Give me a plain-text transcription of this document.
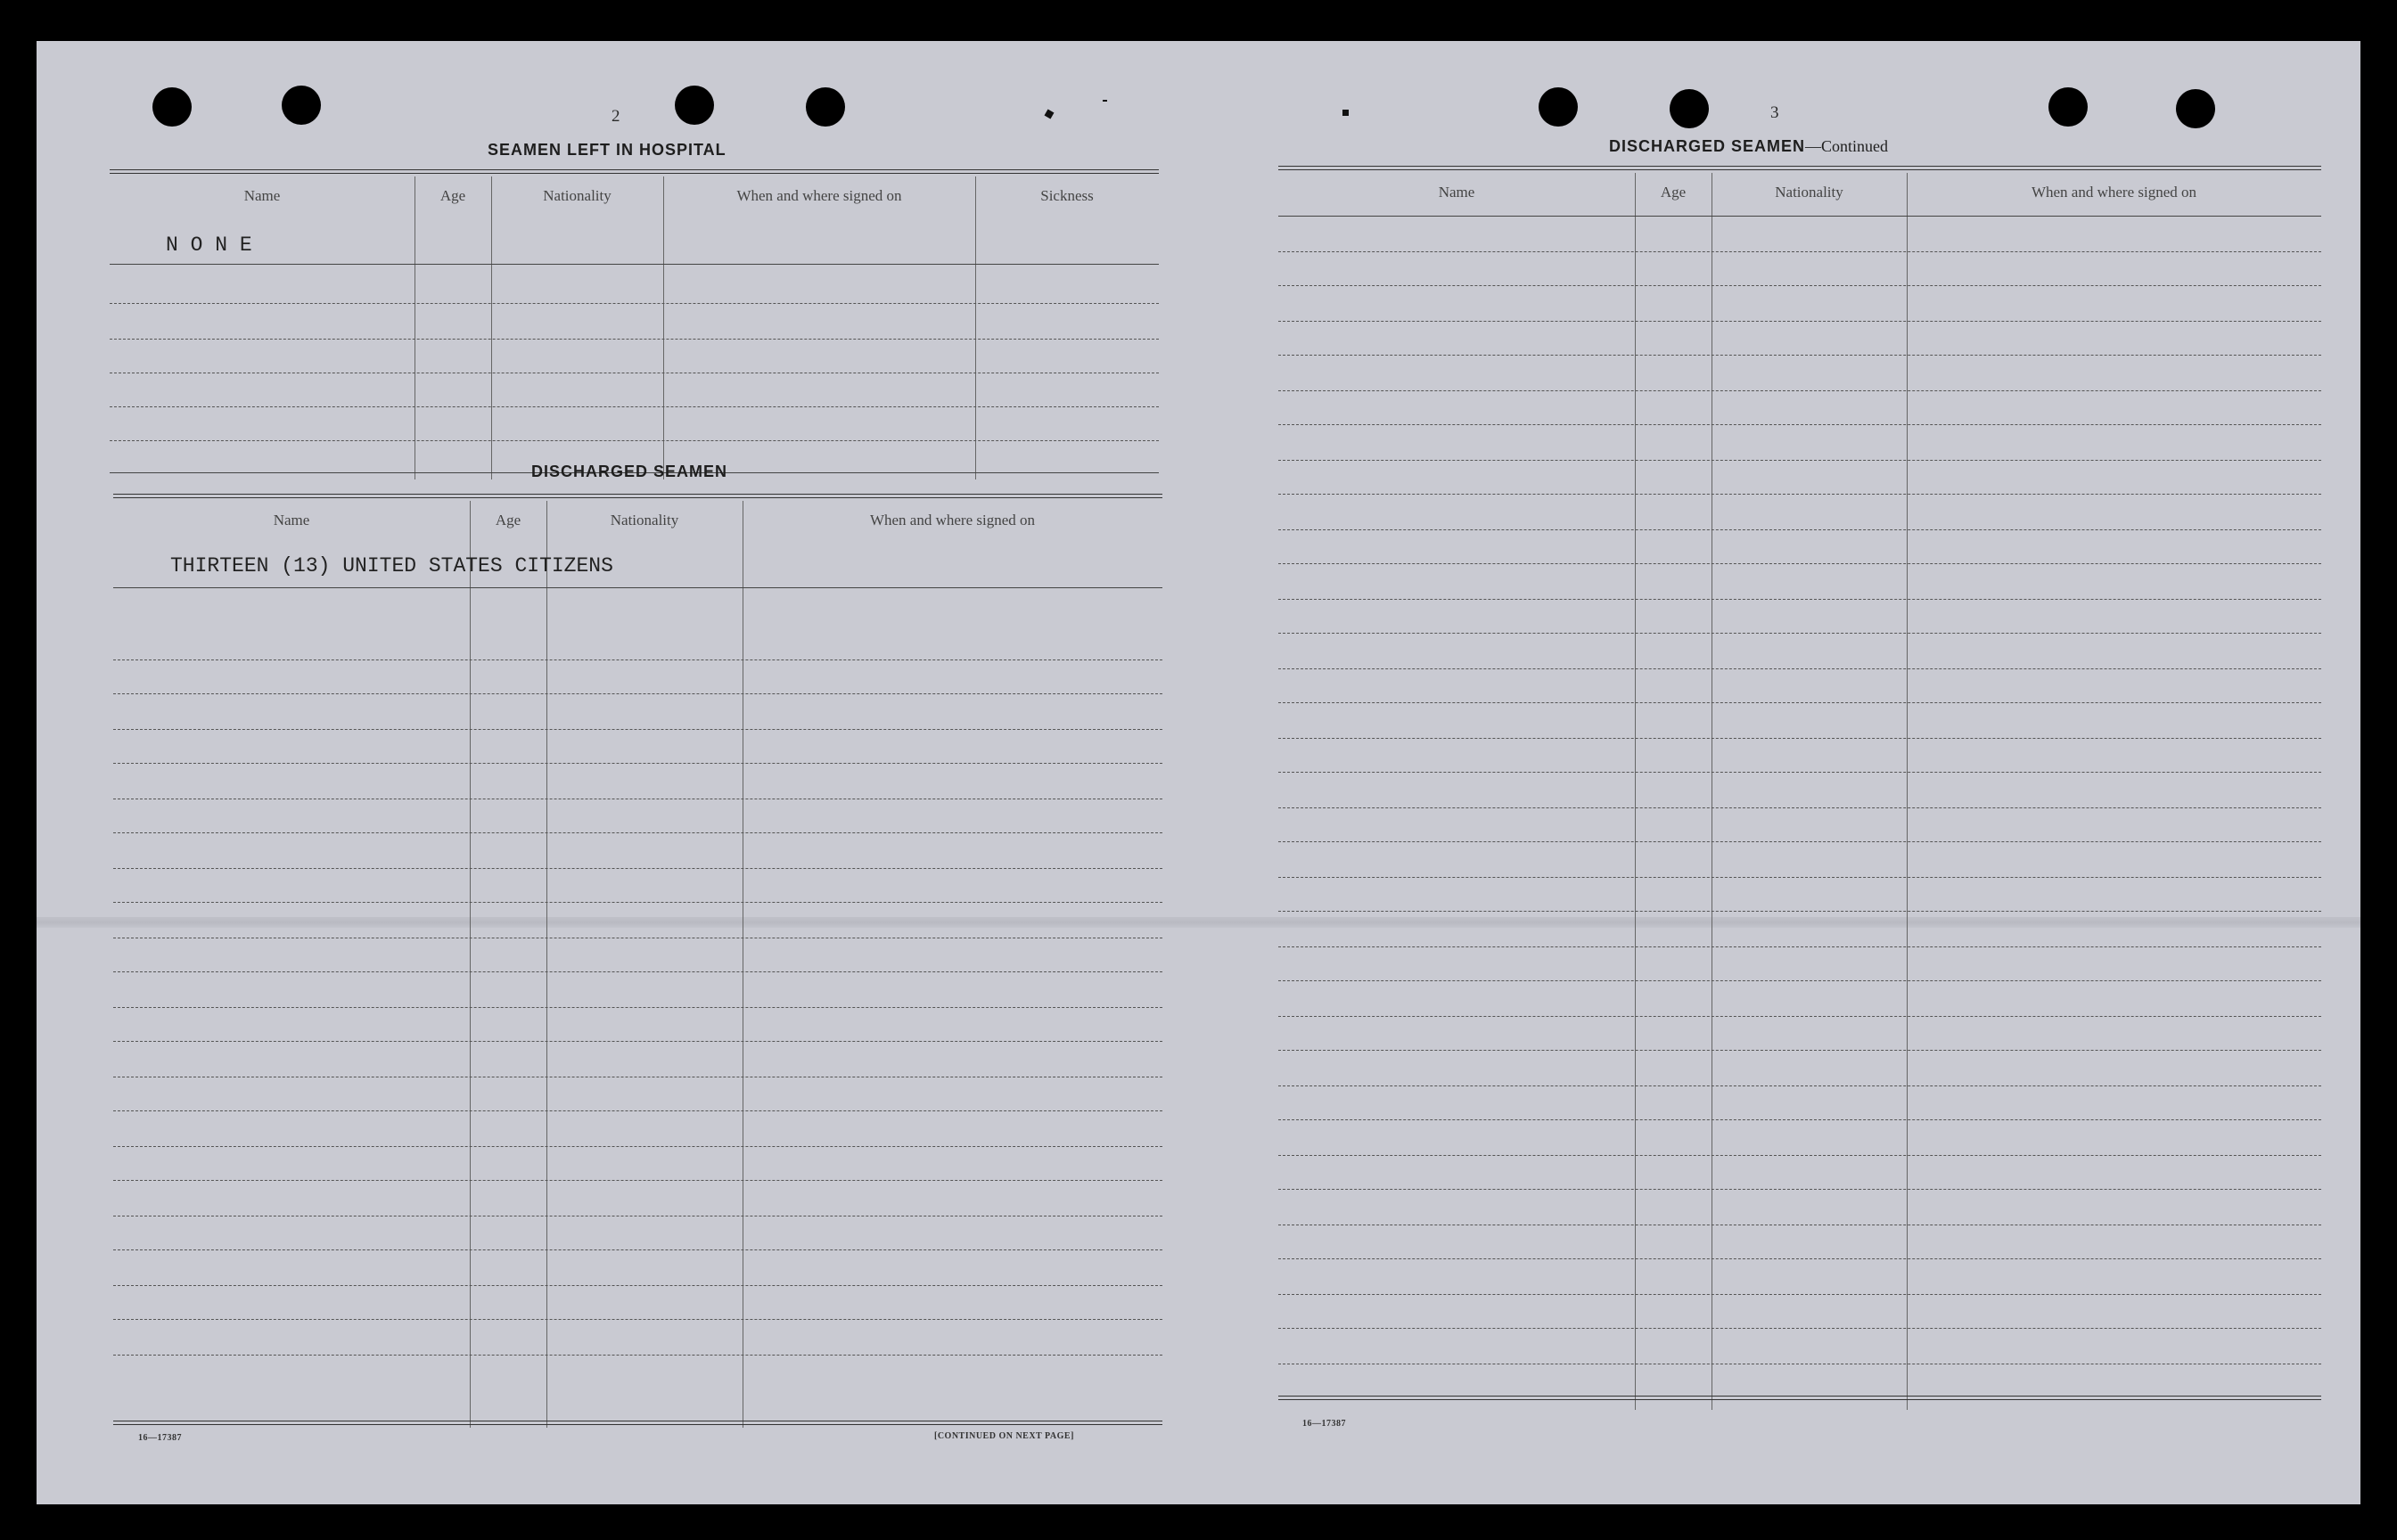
2
SEAMEN LEFT IN HOSPITAL
Name	Age	Nationality	When and where signed on	Sickness
N O N E
DISCHARGED SEAMEN
Name	Age	Nationality	When and where signed on
THIRTEEN (13) UNITED STATES CITIZENS
16—17387	[CONTINUED ON NEXT PAGE]
3
DISCHARGED SEAMEN—Continued
Name	Age	Nationality	When and where signed on
16—17387
